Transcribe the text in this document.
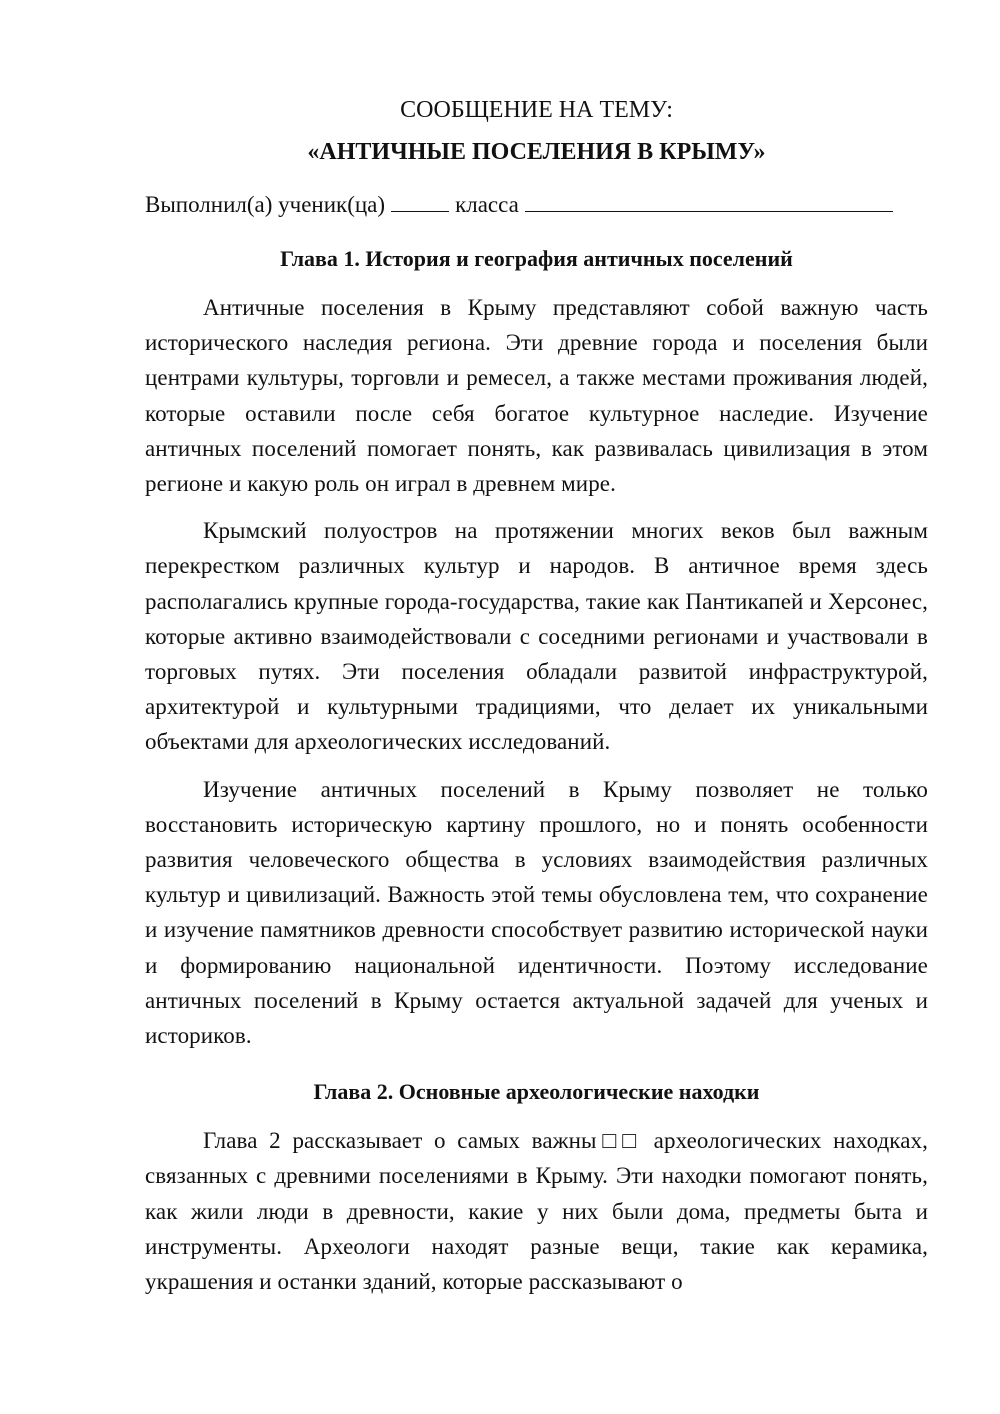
СООБЩЕНИЕ НА ТЕМУ:

«АНТИЧНЫЕ ПОСЕЛЕНИЯ В КРЫМУ»

Выполнил(а) ученик(ца)	класса

Глава 1. История и география античных поселений

Античные поселения в Крыму представляют собой важную часть исторического наследия региона. Эти древние города и поселения были центрами культуры, торговли и ремесел, а также местами проживания людей, которые оставили после себя богатое культурное наследие. Изучение античных поселений помогает понять, как развивалась цивилизация в этом регионе и какую роль он играл в древнем мире.

Крымский полуостров на протяжении многих веков был важным перекрестком различных культур и народов. В античное время здесь располагались крупные города-государства, такие как Пантикапей и Херсонес, которые активно взаимодействовали с соседними регионами и участвовали в торговых путях. Эти поселения обладали развитой инфраструктурой, архитектурой и культурными традициями, что делает их уникальными объектами для археологических исследований.

Изучение античных поселений в Крыму позволяет не только восстановить историческую картину прошлого, но и понять особенности развития человеческого общества в условиях взаимодействия различных культур и цивилизаций. Важность этой темы обусловлена тем, что сохранение и изучение памятников древности способствует развитию исторической науки и формированию национальной идентичности. Поэтому исследование античных поселений в Крыму остается актуальной задачей для ученых и историков.

Глава 2. Основные археологические находки

Глава 2 рассказывает о самых важны□□ археологических находках, связанных с древними поселениями в Крыму. Эти находки помогают понять, как жили люди в древности, какие у них были дома, предметы быта и инструменты. Археологи находят разные вещи, такие как керамика, украшения и останки зданий, которые рассказывают о
